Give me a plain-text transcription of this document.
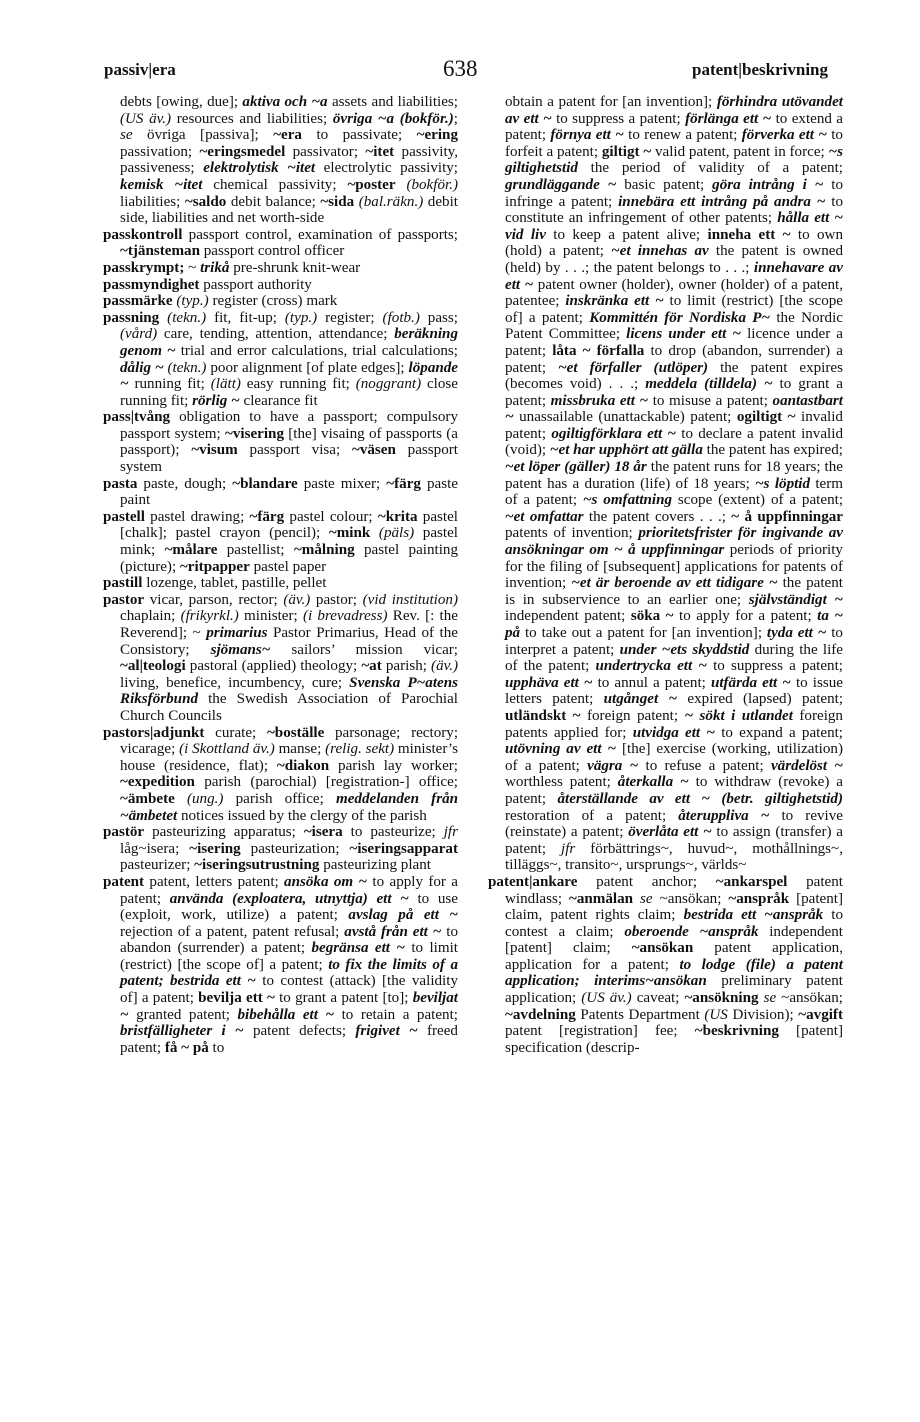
passiv|era	638	patent|beskrivning

debts [owing, due]; aktiva och ~a assets and liabilities; (US äv.) resources and liabilities; övriga ~a (bokför.); se övriga [passiva]; ~era to passivate; ~ering passivation; ~eringsmedel passivator; ~itet passivity, passiveness; elektrolytisk ~itet electrolytic passivity; kemisk ~itet chemical passivity; ~poster (bokför.) liabilities; ~saldo debit balance; ~sida (bal.räkn.) debit side, liabilities and net worth-side

passkontroll passport control, examination of passports; ~tjänsteman passport control officer

passkrympt; ~ trikå pre-shrunk knit-wear

passmyndighet passport authority

passmärke (typ.) register (cross) mark

passning (tekn.) fit, fit-up; (typ.) register; (fotb.) pass; (vård) care, tending, attention, attendance; beräkning genom ~ trial and error calculations, trial calculations; dålig ~ (tekn.) poor alignment [of plate edges]; löpande ~ running fit; (lätt) easy running fit; (noggrant) close running fit; rörlig ~ clearance fit

pass|tvång obligation to have a passport; compulsory passport system; ~visering [the] visaing of passports (a passport); ~visum passport visa; ~väsen passport system

pasta paste, dough; ~blandare paste mixer; ~färg paste paint

pastell pastel drawing; ~färg pastel colour; ~krita pastel [chalk]; pastel crayon (pencil); ~mink (päls) pastel mink; ~målare pastellist; ~målning pastel painting (picture); ~ritpapper pastel paper

pastill lozenge, tablet, pastille, pellet

pastor vicar, parson, rector; (äv.) pastor; (vid institution) chaplain; (frikyrkl.) minister; (i brevadress) Rev. [: the Reverend]; ~ primarius Pastor Primarius, Head of the Consistory; sjömans~ sailors’ mission vicar; ~al|teologi pastoral (applied) theology; ~at parish; (äv.) living, benefice, incumbency, cure; Svenska P~atens Riksförbund the Swedish Association of Parochial Church Councils

pastors|adjunkt curate; ~boställe parsonage; rectory; vicarage; (i Skottland äv.) manse; (relig. sekt) minister’s house (residence, flat); ~diakon parish lay worker; ~expedition parish (parochial) [registration-] office; ~ämbete (ung.) parish office; meddelanden från ~ämbetet notices issued by the clergy of the parish

pastör pasteurizing apparatus; ~isera to pasteurize; jfr låg~isera; ~isering pasteurization; ~iseringsapparat pasteurizer; ~iseringsutrustning pasteurizing plant

patent patent, letters patent; ansöka om ~ to apply for a patent; använda (exploatera, utnyttja) ett ~ to use (exploit, work, utilize) a patent; avslag på ett ~ rejection of a patent, patent refusal; avstå från ett ~ to abandon (surrender) a patent; begränsa ett ~ to limit (restrict) [the scope of] a patent; to fix the limits of a patent; bestrida ett ~ to contest (attack) [the validity of] a patent; bevilja ett ~ to grant a patent [to]; beviljat ~ granted patent; bibehålla ett ~ to retain a patent; bristfälligheter i ~ patent defects; frigivet ~ freed patent; få ~ på to

obtain a patent for [an invention]; förhindra utövandet av ett ~ to suppress a patent; förlänga ett ~ to extend a patent; förnya ett ~ to renew a patent; förverka ett ~ to forfeit a patent; giltigt ~ valid patent, patent in force; ~s giltighetstid the period of validity of a patent; grundläggande ~ basic patent; göra intrång i ~ to infringe a patent; innebära ett intrång på andra ~ to constitute an infringement of other patents; hålla ett ~ vid liv to keep a patent alive; inneha ett ~ to own (hold) a patent; ~et innehas av the patent is owned (held) by . . .; the patent belongs to . . .; innehavare av ett ~ patent owner (holder), owner (holder) of a patent, patentee; inskränka ett ~ to limit (restrict) [the scope of] a patent; Kommittén för Nordiska P~ the Nordic Patent Committee; licens under ett ~ licence under a patent; låta ~ förfalla to drop (abandon, surrender) a patent; ~et förfaller (utlöper) the patent expires (becomes void) . . .; meddela (tilldela) ~ to grant a patent; missbruka ett ~ to misuse a patent; oantastbart ~ unassailable (unattackable) patent; ogiltigt ~ invalid patent; ogiltigförklara ett ~ to declare a patent invalid (void); ~et har upphört att gälla the patent has expired; ~et löper (gäller) 18 år the patent runs for 18 years; the patent has a duration (life) of 18 years; ~s löptid term of a patent; ~s omfattning scope (extent) of a patent; ~et omfattar the patent covers . . .; ~ å uppfinningar patents of invention; prioritetsfrister för ingivande av ansökningar om ~ å uppfinningar periods of priority for the filing of [subsequent] applications for patents of invention; ~et är beroende av ett tidigare ~ the patent is in subservience to an earlier one; självständigt ~ independent patent; söka ~ to apply for a patent; ta ~ på to take out a patent for [an invention]; tyda ett ~ to interpret a patent; under ~ets skyddstid during the life of the patent; undertrycka ett ~ to suppress a patent; upphäva ett ~ to annul a patent; utfärda ett ~ to issue letters patent; utgånget ~ expired (lapsed) patent; utländskt ~ foreign patent; ~ sökt i utlandet foreign patents applied for; utvidga ett ~ to expand a patent; utövning av ett ~ [the] exercise (working, utilization) of a patent; vägra ~ to refuse a patent; värdelöst ~ worthless patent; återkalla ~ to withdraw (revoke) a patent; återställande av ett ~ (betr. giltighetstid) restoration of a patent; återuppliva ~ to revive (reinstate) a patent; överlåta ett ~ to assign (transfer) a patent; jfr förbättrings~, huvud~, mothållnings~, tilläggs~, transito~, ursprungs~, världs~

patent|ankare patent anchor; ~ankarspel patent windlass; ~anmälan se ~ansökan; ~anspråk [patent] claim, patent rights claim; bestrida ett ~anspråk to contest a claim; oberoende ~anspråk independent [patent] claim; ~ansökan patent application, application for a patent; to lodge (file) a patent application; interims~ansökan preliminary patent application; (US äv.) caveat; ~ansökning se ~ansökan; ~avdelning Patents Department (US Division); ~avgift patent [registration] fee; ~beskrivning [patent] specification (descrip-
